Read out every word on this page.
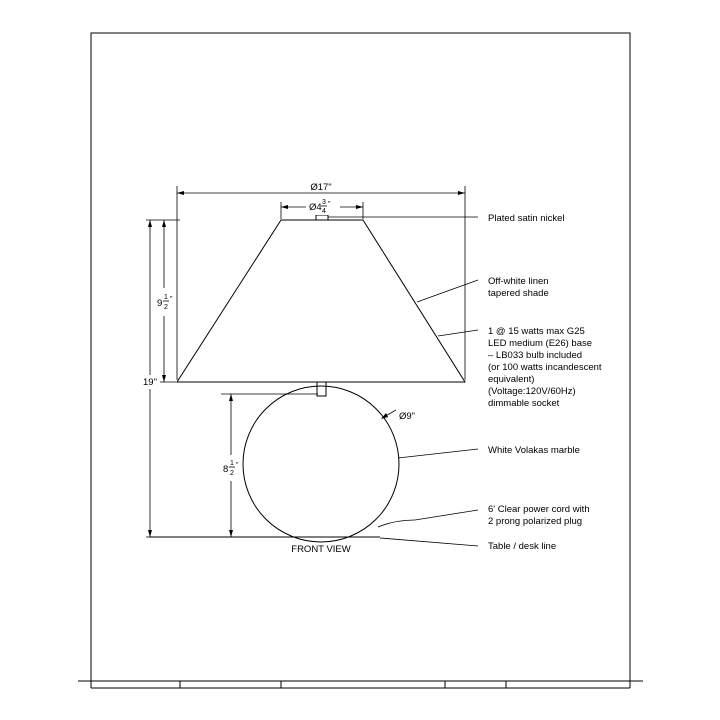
Ø17"
Ø4 3
4
"
Plated satin nickel
9
1
2
"
19"
8
1
2
"
Ø9"
Off-white linen
tapered shade
1 @ 15 watts max G25
LED medium (E26) base
– LB033 bulb included
(or 100 watts incandescent
equivalent)
(Voltage:120V/60Hz)
dimmable socket
White Volakas marble
6' Clear power cord with
2 prong polarized plug
Table / desk line
FRONT VIEW
